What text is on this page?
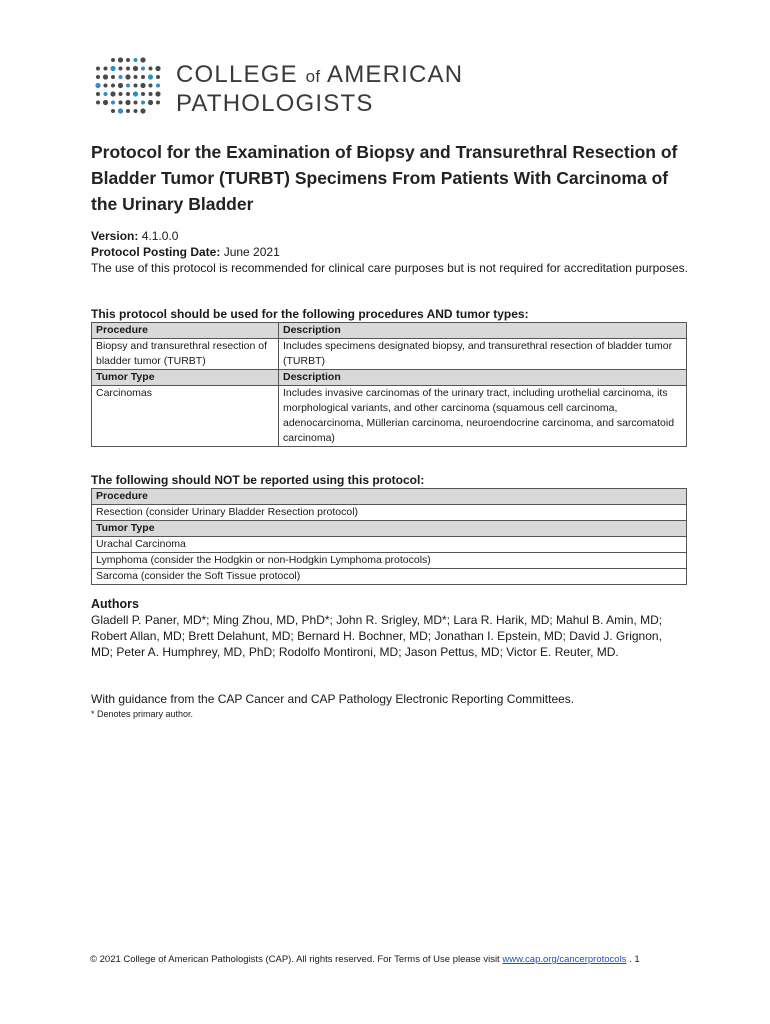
COLLEGE of AMERICAN
PATHOLOGISTS
Protocol for the Examination of Biopsy and Transurethral Resection of Bladder Tumor (TURBT) Specimens From Patients With Carcinoma of the Urinary Bladder
Version: 4.1.0.0
Protocol Posting Date: June 2021
The use of this protocol is recommended for clinical care purposes but is not required for accreditation purposes.
This protocol should be used for the following procedures AND tumor types:
Procedure	Description
Biopsy and transurethral resection of bladder tumor (TURBT)	Includes specimens designated biopsy, and transurethral resection of bladder tumor (TURBT)
Tumor Type	Description
Carcinomas	Includes invasive carcinomas of the urinary tract, including urothelial carcinoma, its morphological variants, and other carcinoma (squamous cell carcinoma, adenocarcinoma, Müllerian carcinoma, neuroendocrine carcinoma, and sarcomatoid carcinoma)
The following should NOT be reported using this protocol:
Procedure
Resection (consider Urinary Bladder Resection protocol)
Tumor Type
Urachal Carcinoma
Lymphoma (consider the Hodgkin or non-Hodgkin Lymphoma protocols)
Sarcoma (consider the Soft Tissue protocol)
Authors
Gladell P. Paner, MD*; Ming Zhou, MD, PhD*; John R. Srigley, MD*; Lara R. Harik, MD; Mahul B. Amin, MD; Robert Allan, MD; Brett Delahunt, MD; Bernard H. Bochner, MD; Jonathan I. Epstein, MD; David J. Grignon, MD; Peter A. Humphrey, MD, PhD; Rodolfo Montironi, MD; Jason Pettus, MD; Victor E. Reuter, MD.
With guidance from the CAP Cancer and CAP Pathology Electronic Reporting Committees.
* Denotes primary author.
© 2021 College of American Pathologists (CAP). All rights reserved. For Terms of Use please visit www.cap.org/cancerprotocols . 1
